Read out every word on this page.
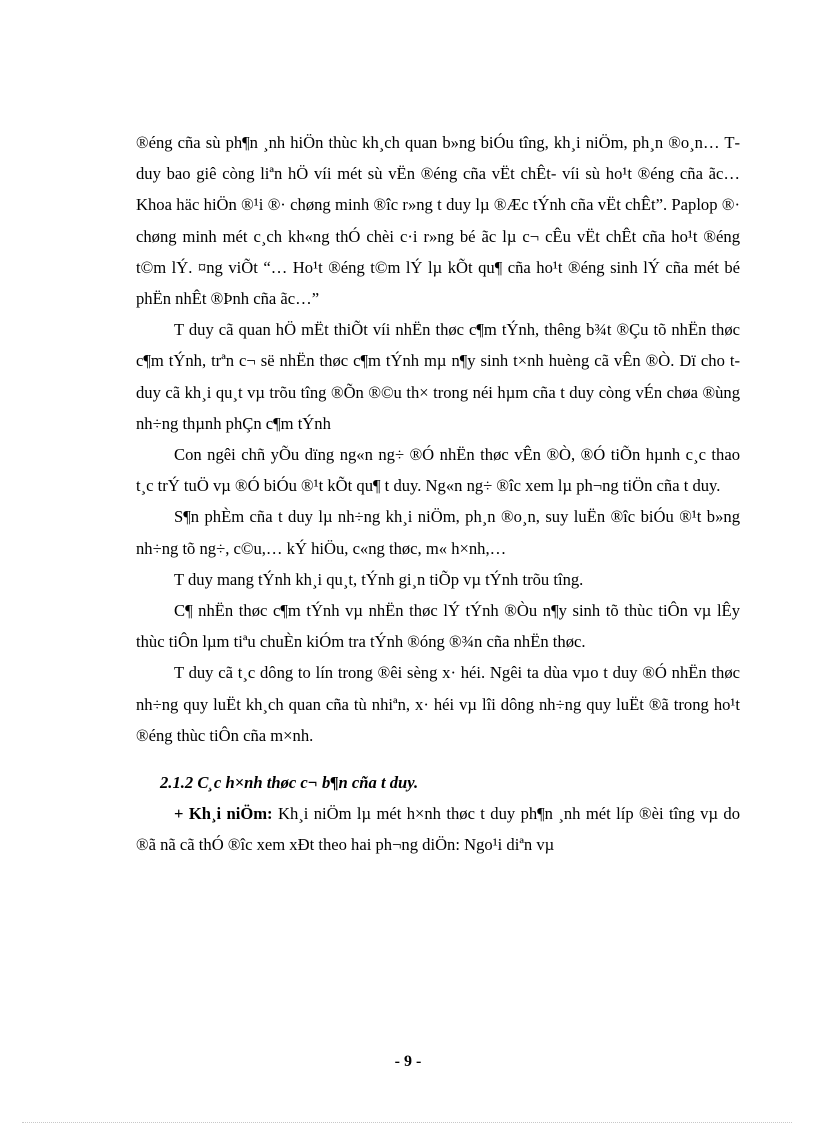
®éng cña sù ph¶n ¸nh hiÖn thùc kh¸ch quan b»ng biÓu tîng, kh¸i niÖm, ph¸n ®o¸n… T duy bao giê còng liªn hÖ víi mét sù vËn ®éng cña vËt chÊt- víi sù ho¹t ®éng cña ãc… Khoa häc hiÖn ®¹i ®· chøng minh ®îc r»ng t duy lµ ®Æc tÝnh cña vËt chÊt”. Paplop ®· chøng minh mét c¸ch kh«ng thÓ chèi c·i r»ng bé ãc lµ c¬ cÊu vËt chÊt cña ho¹t ®éng t©m lÝ. ¤ng viÕt “… Ho¹t ®éng t©m lÝ lµ kÕt qu¶ cña ho¹t ®éng sinh lÝ cña mét bé phËn nhÊt ®Þnh cña ãc…”

T duy cã quan hÖ mËt thiÕt víi nhËn thøc c¶m tÝnh, thêng b¾t ®Çu tõ nhËn thøc c¶m tÝnh, trªn c¬ së nhËn thøc c¶m tÝnh mµ n¶y sinh t×nh huèng cã vÊn ®Ò. Dï cho t duy cã kh¸i qu¸t vµ trõu tîng ®Õn ®©u th× trong néi hµm cña t duy còng vÉn chøa ®ùng nh÷ng thµnh phÇn c¶m tÝnh

Con ngêi chñ yÕu dïng ng«n ng÷ ®Ó nhËn thøc vÊn ®Ò, ®Ó tiÕn hµnh c¸c thao t¸c trÝ tuÖ vµ ®Ó biÓu ®¹t kÕt qu¶ t duy. Ng«n ng÷ ®îc xem lµ ph¬ng tiÖn cña t duy.

S¶n phÈm cña t duy lµ nh÷ng kh¸i niÖm, ph¸n ®o¸n, suy luËn ®îc biÓu ®¹t b»ng nh÷ng tõ ng÷, c©u,… kÝ hiÖu, c«ng thøc, m« h×nh,…

T duy mang tÝnh kh¸i qu¸t, tÝnh gi¸n tiÕp vµ tÝnh trõu tîng.

C¶ nhËn thøc c¶m tÝnh vµ nhËn thøc lÝ tÝnh ®Òu n¶y sinh tõ thùc tiÔn vµ lÊy thùc tiÔn lµm tiªu chuÈn kiÓm tra tÝnh ®óng ®¾n cña nhËn thøc.

T duy cã t¸c dông to lín trong ®êi sèng x· héi. Ngêi ta dùa vµo t duy ®Ó nhËn thøc nh÷ng quy luËt kh¸ch quan cña tù nhiªn, x· héi vµ lîi dông nh÷ng quy luËt ®ã trong ho¹t ®éng thùc tiÔn cña m×nh.

2.1.2 C¸c h×nh thøc c¬ b¶n cña t duy.

+ Kh¸i niÖm: Kh¸i niÖm lµ mét h×nh thøc t duy ph¶n ¸nh mét líp ®èi tîng vµ do ®ã nã cã thÓ ®îc xem xÐt theo hai ph¬ng diÖn: Ngo¹i diªn vµ

- 9 -
